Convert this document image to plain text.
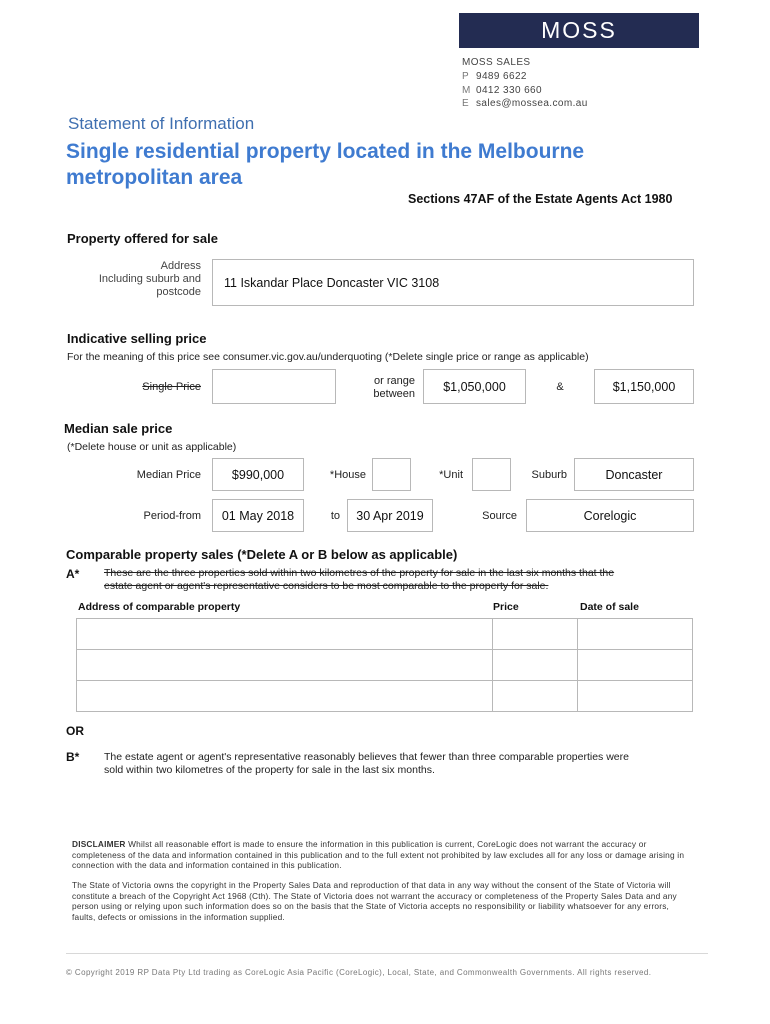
MOSS
MOSS SALES
P 9489 6622
M 0412 330 660
E sales@mossea.com.au
Statement of Information
Single residential property located in the Melbourne
metropolitan area
Sections 47AF of the Estate Agents Act 1980
Property offered for sale
Address
Including suburb and
postcode
11 Iskandar Place Doncaster VIC 3108
Indicative selling price
For the meaning of this price see consumer.vic.gov.au/underquoting (*Delete single price or range as applicable)
Single Price	or range
between
$1,050,000	&	$1,150,000
Median sale price
(*Delete house or unit as applicable)
Median Price	$990,000	*House	*Unit	Suburb	Doncaster
Period-from	01 May 2018	to	30 Apr 2019	Source	Corelogic
Comparable property sales (*Delete A or B below as applicable)
A* These are the three properties sold within two kilometres of the property for sale in the last six months that the
estate agent or agent's representative considers to be most comparable to the property for sale.
Address of comparable property	Price	Date of sale

OR
B* The estate agent or agent's representative reasonably believes that fewer than three comparable properties were
sold within two kilometres of the property for sale in the last six months.
DISCLAIMER Whilst all reasonable effort is made to ensure the information in this publication is current, CoreLogic does not warrant the accuracy or completeness of the data and information contained in this publication and to the full extent not prohibited by law excludes all for any loss or damage arising in connection with the data and information contained in this publication.
The State of Victoria owns the copyright in the Property Sales Data and reproduction of that data in any way without the consent of the State of Victoria will constitute a breach of the Copyright Act 1968 (Cth). The State of Victoria does not warrant the accuracy or completeness of the Property Sales Data and any person using or relying upon such information does so on the basis that the State of Victoria accepts no responsibility or liability whatsoever for any errors, faults, defects or omissions in the information supplied.
© Copyright 2019 RP Data Pty Ltd trading as CoreLogic Asia Pacific (CoreLogic), Local, State, and Commonwealth Governments. All rights reserved.
